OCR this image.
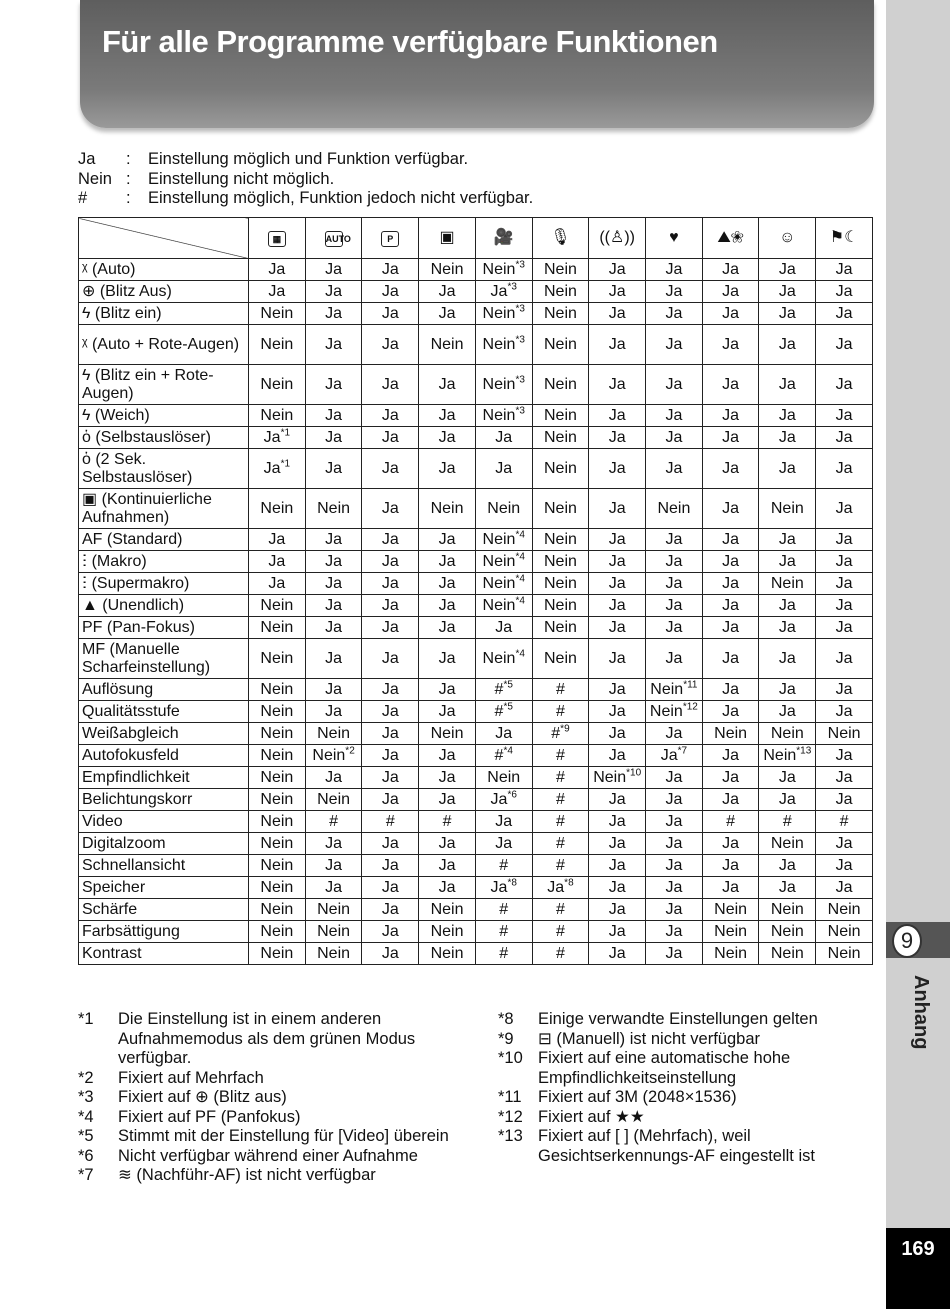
Für alle Programme verfügbare Funktionen
Ja	:	Einstellung möglich und Funktion verfügbar.
Nein :	Einstellung nicht möglich.
#	:	Einstellung möglich, Funktion jedoch nicht verfügbar.
	▦	AUTO	P	▣	🎥	🎙	((♙))	♥	⛰❀	☺	⚑☾
ᵡ (Auto)	Ja	Ja	Ja	Nein	Nein$^{*3}$	Nein	Ja	Ja	Ja	Ja	Ja
⊕ (Blitz Aus)	Ja	Ja	Ja	Ja	Ja$^{*3}$	Nein	Ja	Ja	Ja	Ja	Ja
ϟ (Blitz ein)	Nein	Ja	Ja	Ja	Nein$^{*3}$	Nein	Ja	Ja	Ja	Ja	Ja
ᵡ (Auto + Rote-Augen)	Nein	Ja	Ja	Nein	Nein$^{*3}$	Nein	Ja	Ja	Ja	Ja	Ja
ϟ (Blitz ein + Rote-Augen)	Nein	Ja	Ja	Ja	Nein$^{*3}$	Nein	Ja	Ja	Ja	Ja	Ja
ϟ (Weich)	Nein	Ja	Ja	Ja	Nein$^{*3}$	Nein	Ja	Ja	Ja	Ja	Ja
ὁ (Selbstauslöser)	Ja$^{*1}$	Ja	Ja	Ja	Ja	Nein	Ja	Ja	Ja	Ja	Ja
ὁ (2 Sek. Selbstauslöser)	Ja$^{*1}$	Ja	Ja	Ja	Ja	Nein	Ja	Ja	Ja	Ja	Ja
▣ (Kontinuierliche Aufnahmen)	Nein	Nein	Ja	Nein	Nein	Nein	Ja	Nein	Ja	Nein	Ja
AF (Standard)	Ja	Ja	Ja	Ja	Nein$^{*4}$	Nein	Ja	Ja	Ja	Ja	Ja
ⵗ (Makro)	Ja	Ja	Ja	Ja	Nein$^{*4}$	Nein	Ja	Ja	Ja	Ja	Ja
ⵗ (Supermakro)	Ja	Ja	Ja	Ja	Nein$^{*4}$	Nein	Ja	Ja	Ja	Nein	Ja
▲ (Unendlich)	Nein	Ja	Ja	Ja	Nein$^{*4}$	Nein	Ja	Ja	Ja	Ja	Ja
PF (Pan-Fokus)	Nein	Ja	Ja	Ja	Ja	Nein	Ja	Ja	Ja	Ja	Ja
MF (Manuelle Scharfeinstellung)	Nein	Ja	Ja	Ja	Nein$^{*4}$	Nein	Ja	Ja	Ja	Ja	Ja
Auflösung	Nein	Ja	Ja	Ja	#$^{*5}$	#	Ja	Nein$^{*11}$	Ja	Ja	Ja
Qualitätsstufe	Nein	Ja	Ja	Ja	#$^{*5}$	#	Ja	Nein$^{*12}$	Ja	Ja	Ja
Weißabgleich	Nein	Nein	Ja	Nein	Ja	#$^{*9}$	Ja	Ja	Nein	Nein	Nein
Autofokusfeld	Nein	Nein$^{*2}$	Ja	Ja	#$^{*4}$	#	Ja	Ja$^{*7}$	Ja	Nein$^{*13}$	Ja
Empfindlichkeit	Nein	Ja	Ja	Ja	Nein	#	Nein$^{*10}$	Ja	Ja	Ja	Ja
Belichtungskorr	Nein	Nein	Ja	Ja	Ja$^{*6}$	#	Ja	Ja	Ja	Ja	Ja
Video	Nein	#	#	#	Ja	#	Ja	Ja	#	#	#
Digitalzoom	Nein	Ja	Ja	Ja	Ja	#	Ja	Ja	Ja	Nein	Ja
Schnellansicht	Nein	Ja	Ja	Ja	#	#	Ja	Ja	Ja	Ja	Ja
Speicher	Nein	Ja	Ja	Ja	Ja$^{*8}$	Ja$^{*8}$	Ja	Ja	Ja	Ja	Ja
Schärfe	Nein	Nein	Ja	Nein	#	#	Ja	Ja	Nein	Nein	Nein
Farbsättigung	Nein	Nein	Ja	Nein	#	#	Ja	Ja	Nein	Nein	Nein
Kontrast	Nein	Nein	Ja	Nein	#	#	Ja	Ja	Nein	Nein	Nein
*1	Die Einstellung ist in einem anderen Aufnahmemodus als dem grünen Modus verfügbar.
*2	Fixiert auf Mehrfach
*3	Fixiert auf ⊕ (Blitz aus)
*4	Fixiert auf PF (Panfokus)
*5	Stimmt mit der Einstellung für [Video] überein
*6	Nicht verfügbar während einer Aufnahme
*7	≋ (Nachführ-AF) ist nicht verfügbar
*8	Einige verwandte Einstellungen gelten
*9	⊟ (Manuell) ist nicht verfügbar
*10 Fixiert auf eine automatische hohe Empfindlichkeitseinstellung
*11 Fixiert auf 3M (2048×1536)
*12 Fixiert auf ★★
*13 Fixiert auf [ ] (Mehrfach), weil Gesichtserkennungs-AF eingestellt ist
9
Anhang
169
